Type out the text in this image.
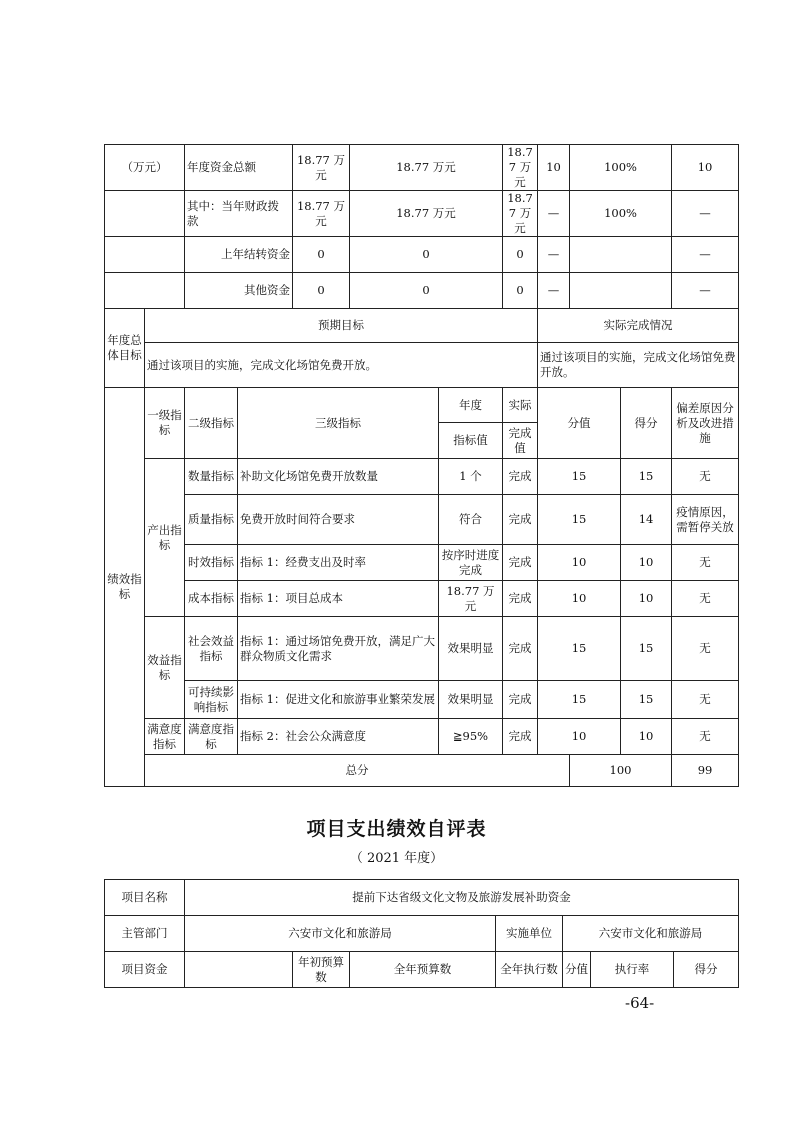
（万元）		年度资金总额		18.77 万元	18.77 万元		18.77 万元	10	100%		10	
		其中：当年财政拨款		18.77 万元	18.77 万元		18.77 万元	—	100%		—	
		上年结转资金		0	0		0	—			—	
		其他资金		0	0		0	—			—	
年度总体目标	预期目标							实际完成情况				
	通过该项目的实施，完成文化场馆免费开放。							通过该项目的实施，完成文化场馆免费开放。				
绩效指标	一级指标	二级指标	三级指标			年度	实际	分值		得分	偏差原因分析及改进措施	
						指标值	完成值					
	产出指标	数量指标	补助文化场馆免费开放数量			1 个	完成	15		15	无	
		质量指标	免费开放时间符合要求			符合	完成	15		14	疫情原因，需暂停关放	
		时效指标	指标 1：经费支出及时率			按序时进度完成	完成	10		10	无	
		成本指标	指标 1：项目总成本			18.77 万元	完成	10		10	无	
	效益指标	社会效益指标	指标 1：通过场馆免费开放，满足广大群众物质文化需求			效果明显	完成	15		15	无	
		可持续影响指标	指标 1：促进文化和旅游事业繁荣发展			效果明显	完成	15		15	无	
	满意度指标	满意度指标	指标 2：社会公众满意度			≧95%	完成	10		10	无	
	总分								100		99	
项目支出绩效自评表
（ 2021 年度）
项目名称	提前下达省级文化文物及旅游发展补助资金						
主管部门	六安市文化和旅游局			实施单位	六安市文化和旅游局		
项目资金		年初预算数	全年预算数	全年执行数	分值	执行率	得分
-64-
